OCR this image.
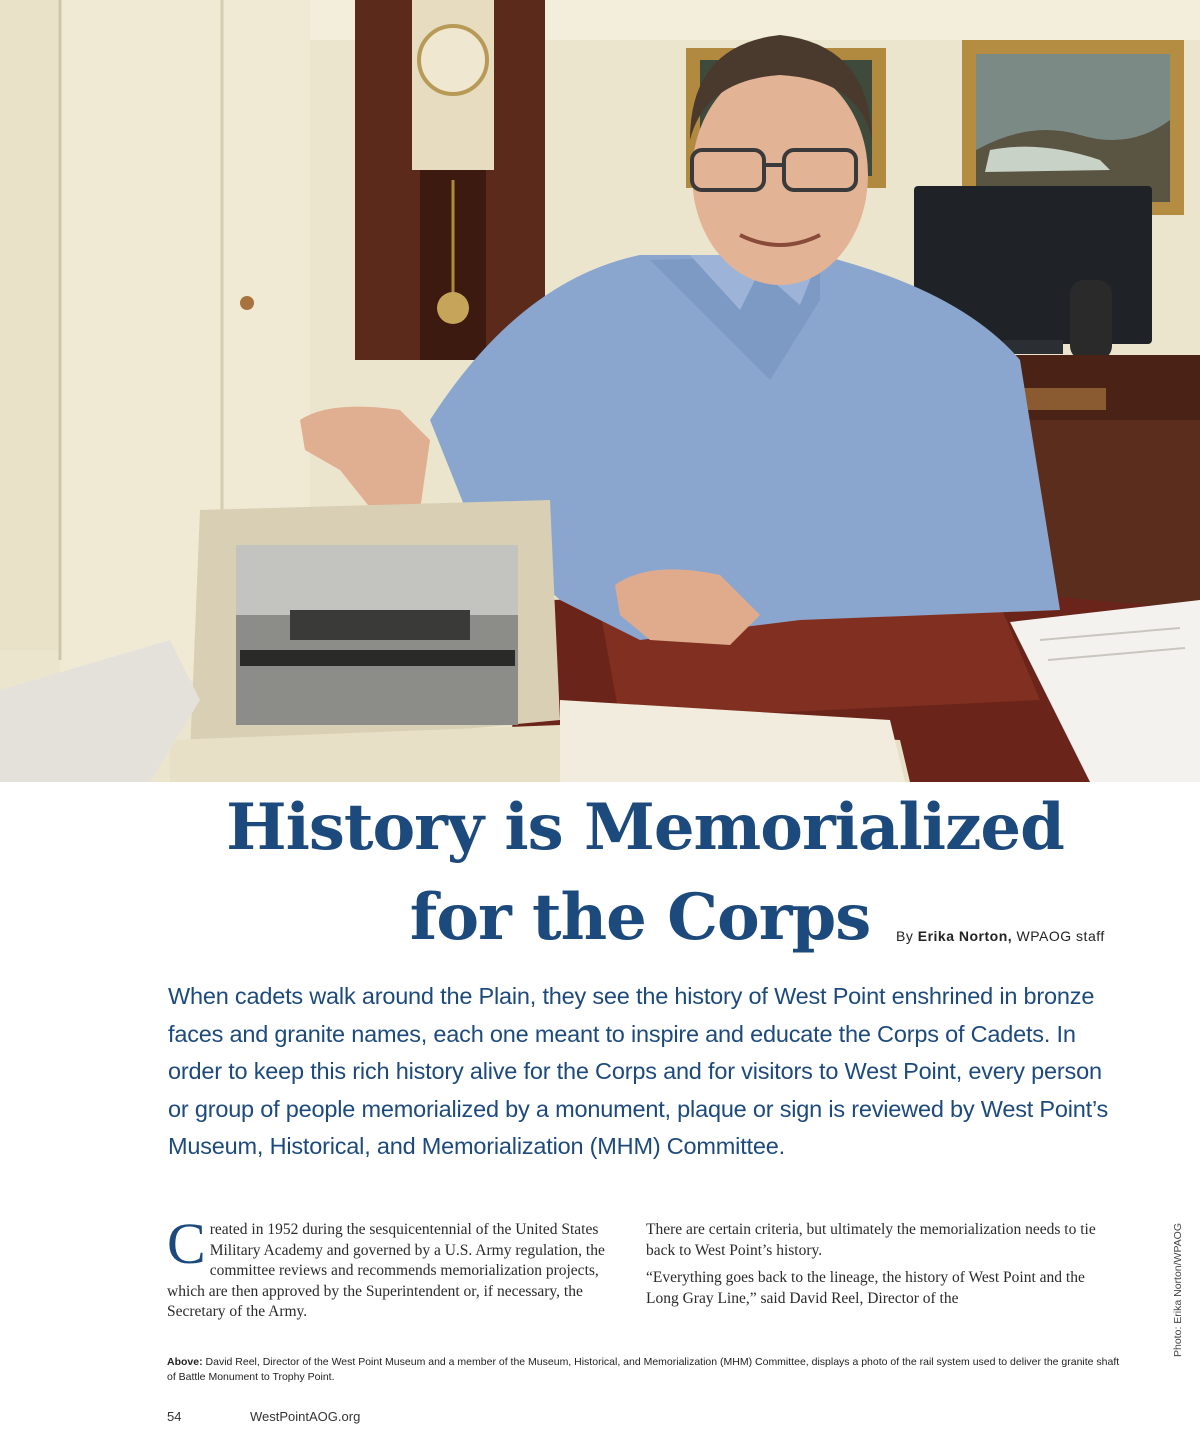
History is Memorialized
for the Corps	By Erika Norton, WPAOG staff

When cadets walk around the Plain, they see the history of West Point enshrined in bronze faces and granite names, each one meant to inspire and educate the Corps of Cadets. In order to keep this rich history alive for the Corps and for visitors to West Point, every person or group of people memorialized by a monument, plaque or sign is reviewed by West Point’s Museum, Historical, and Memorialization (MHM) Committee.

Created in 1952 during the sesquicentennial of the United States Military Academy and governed by a U.S. Army regulation, the committee reviews and recommends memorialization projects, which are then approved by the Superintendent or, if necessary, the Secretary of the Army.

There are certain criteria, but ultimately the memorialization needs to tie back to West Point’s history.

“Everything goes back to the lineage, the history of West Point and the Long Gray Line,” said David Reel, Director of the

Above: David Reel, Director of the West Point Museum and a member of the Museum, Historical, and Memorialization (MHM) Committee, displays a photo of the rail system used to deliver the granite shaft of Battle Monument to Trophy Point.

54	WestPointAOG.org
Photo: Erika Norton/WPAOG
